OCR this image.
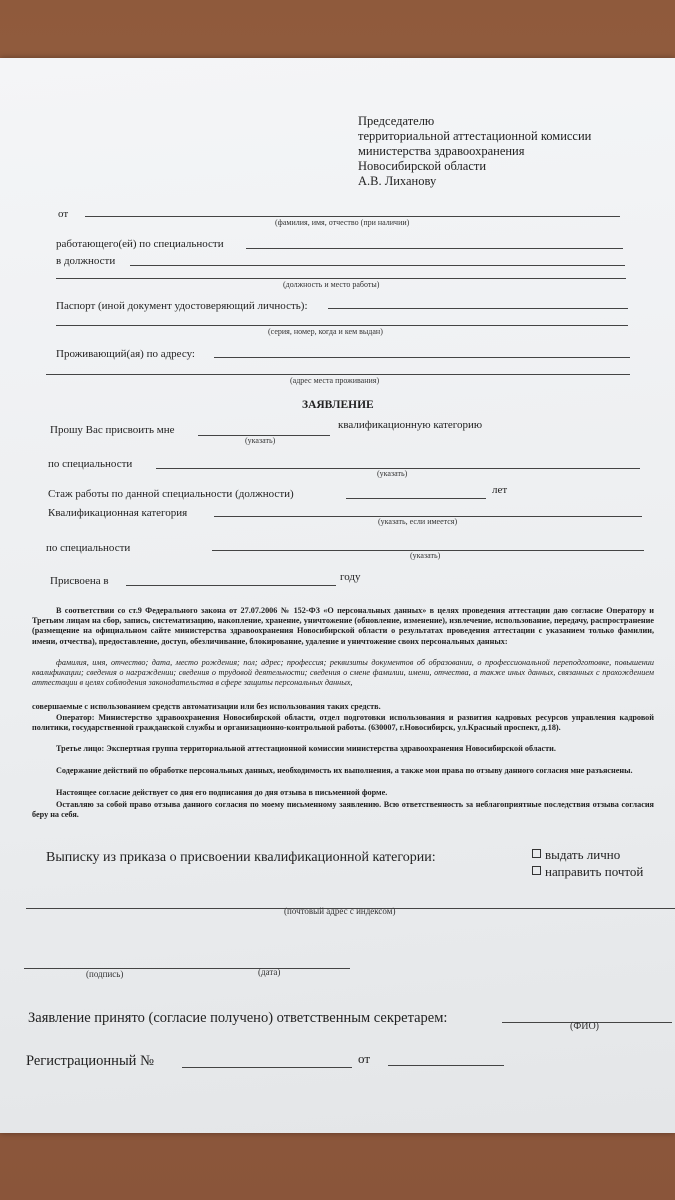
Председателю
территориальной аттестационной комиссии
министерства здравоохранения
Новосибирской области
А.В. Лиханову
от
(фамилия, имя, отчество (при наличии)
работающего(ей) по специальности
в должности
(должность и место работы)
Паспорт (иной документ удостоверяющий личность):
(серия, номер, когда и кем выдан)
Проживающий(ая) по адресу:
(адрес места проживания)
ЗАЯВЛЕНИЕ
Прошу Вас присвоить мне
(указать)
квалификационную категорию
по специальности
(указать)
Стаж работы по данной специальности (должности)	лет
Квалификационная категория
(указать, если имеется)
по специальности
(указать)
Присвоена в	году
В соответствии со ст.9 Федерального закона от 27.07.2006 № 152-ФЗ «О персональных данных» в целях проведения аттестации даю согласие Оператору и Третьим лицам на сбор, запись, систематизацию, накопление, хранение, уничтожение (обновление, изменение), извлечение, использование, передачу, распространение (размещение на официальном сайте министерства здравоохранения Новосибирской области о результатах проведения аттестации с указанием только фамилии, имени, отчества), предоставление, доступ, обезличивание, блокирование, удаление и уничтожение своих персональных данных:
фамилия, имя, отчество; дата, место рождения; пол; адрес; профессия; реквизиты документов об образовании, о профессиональной переподготовке, повышении квалификации; сведения о награждении; сведения о трудовой деятельности; сведения о смене фамилии, имени, отчества, а также иных данных, связанных с прохождением аттестации в целях соблюдения законодательства в сфере защиты персональных данных,
совершаемые с использованием средств автоматизации или без использования таких средств.
Оператор: Министерство здравоохранения Новосибирской области, отдел подготовки использования и развития кадровых ресурсов управления кадровой политики, государственной гражданской службы и организационно-контрольной работы. (630007, г.Новосибирск, ул.Красный проспект, д.18).
Третье лицо: Экспертная группа территориальной аттестационной комиссии министерства здравоохранения Новосибирской области.
Содержание действий по обработке персональных данных, необходимость их выполнения, а также мои права по отзыву данного согласия мне разъяснены.
Настоящее согласие действует со дня его подписания до дня отзыва в письменной форме.
Оставляю за собой право отзыва данного согласия по моему письменному заявлению. Всю ответственность за неблагоприятные последствия отзыва согласия беру на себя.
Выписку из приказа о присвоении квалификационной категории:	выдать лично
направить почтой
(почтовый адрес с индексом)
(подпись)	(дата)
Заявление принято (согласие получено) ответственным секретарем:
(ФИО)
Регистрационный №	от
